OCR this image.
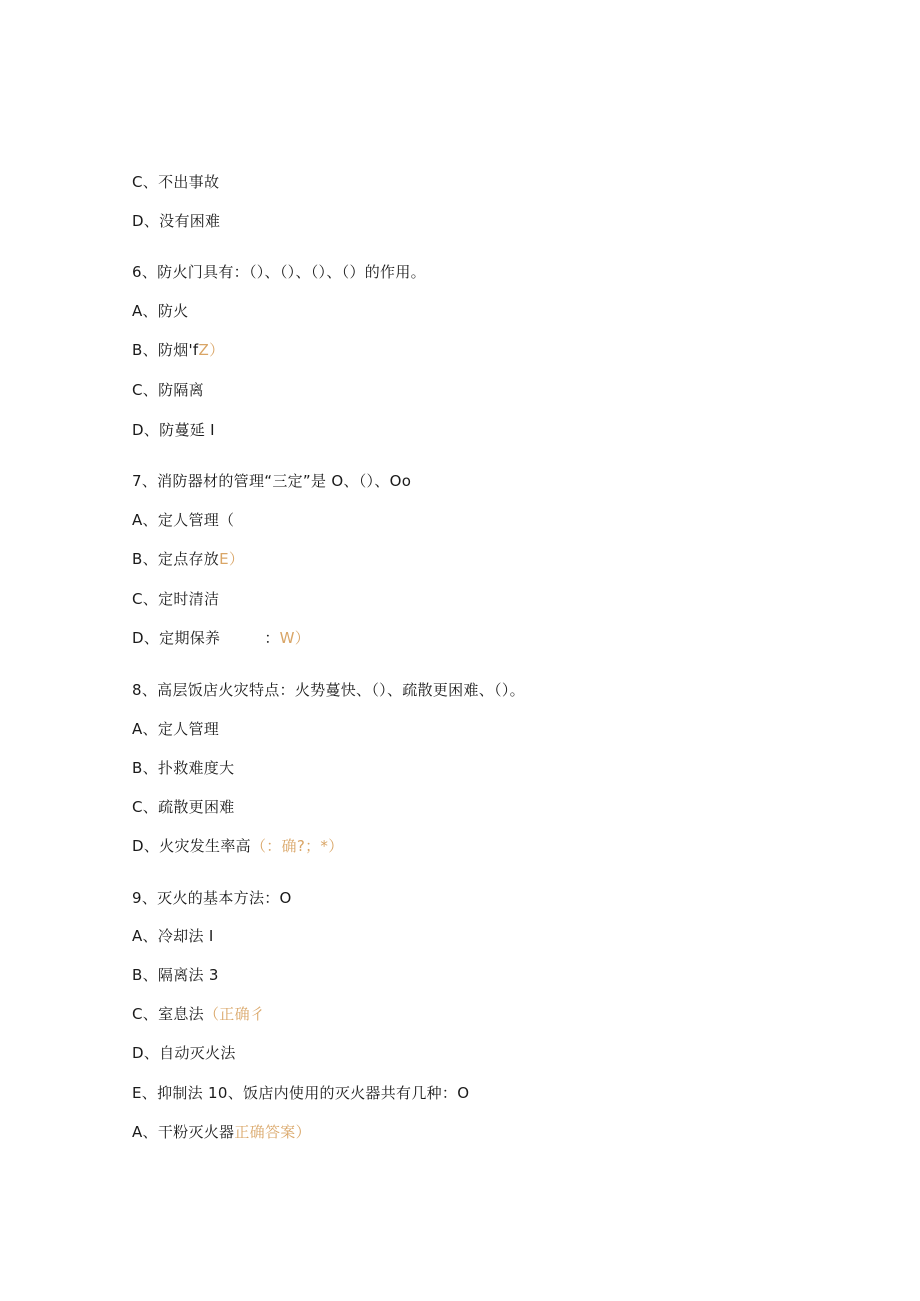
C、不出事故
D、没有困难
6、防火门具有：（）、（）、（）、（）的作用。
A、防火
B、防烟'fZ）
C、防隔离
D、防蔓延 I
7、消防器材的管理“三定”是 O、（）、Oo
A、定人管理（
B、定点存放E）
C、定时清洁
D、定期保养	：W）
8、高层饭店火灾特点：火势蔓快、（）、疏散更困难、（）。
A、定人管理
B、扑救难度大
C、疏散更困难
D、火灾发生率高（：确?；*）
9、灭火的基本方法：O
A、冷却法 I
B、隔离法 3
C、室息法（正确彳
D、自动灭火法
E、抑制法 10、饭店内使用的灭火器共有几种：O
A、干粉灭火器正确答案）
